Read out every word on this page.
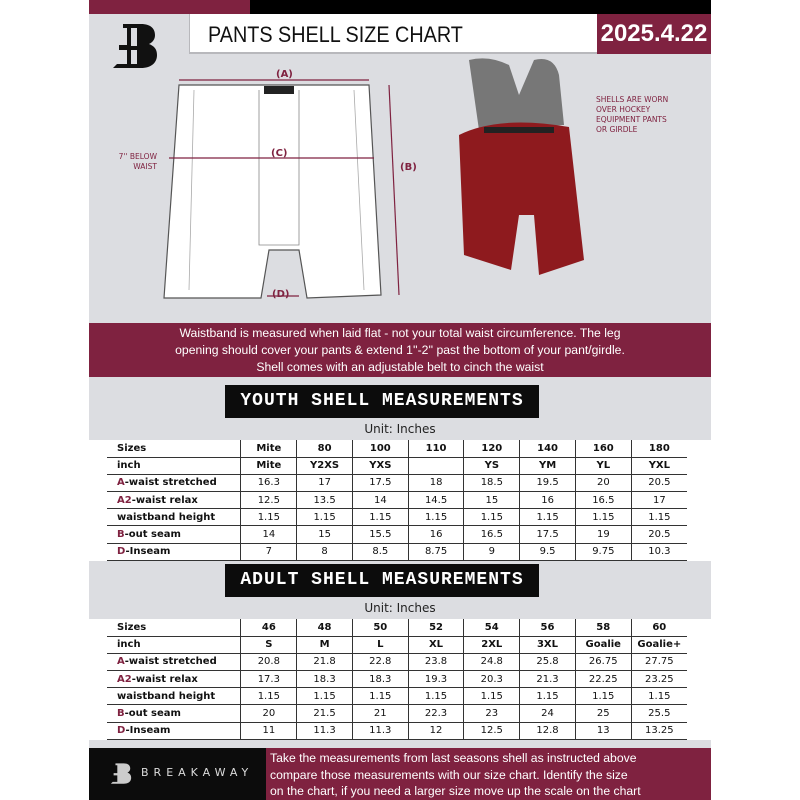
PANTS SHELL SIZE CHART	2025.4.22
(A)
(C)
(B)
(D)
7'' BELOW WAIST
SHELLS ARE WORN OVER HOCKEY EQUIPMENT PANTS OR GIRDLE
Waistband is measured when laid flat - not your total waist circumference. The leg
opening should cover your pants & extend 1''-2'' past the bottom of your pant/girdle.
Shell comes with an adjustable belt to cinch the waist
YOUTH SHELL MEASUREMENTS
Unit: Inches
Sizes	Mite	80	100	110	120	140	160	180
inch	Mite	Y2XS	YXS		YS	YM	YL	YXL
A-waist stretched	16.3	17	17.5	18	18.5	19.5	20	20.5
A2-waist relax	12.5	13.5	14	14.5	15	16	16.5	17
waistband height	1.15	1.15	1.15	1.15	1.15	1.15	1.15	1.15
B-out seam	14	15	15.5	16	16.5	17.5	19	20.5
D-Inseam	7	8	8.5	8.75	9	9.5	9.75	10.3
ADULT SHELL MEASUREMENTS
Unit: Inches
Sizes	46	48	50	52	54	56	58	60
inch	S	M	L	XL	2XL	3XL	Goalie	Goalie+
A-waist stretched	20.8	21.8	22.8	23.8	24.8	25.8	26.75	27.75
A2-waist relax	17.3	18.3	18.3	19.3	20.3	21.3	22.25	23.25
waistband height	1.15	1.15	1.15	1.15	1.15	1.15	1.15	1.15
B-out seam	20	21.5	21	22.3	23	24	25	25.5
D-Inseam	11	11.3	11.3	12	12.5	12.8	13	13.25
BREAKAWAY
Take the measurements from last seasons shell as instructed above
compare those measurements with our size chart. Identify the size
on the chart, if you need a larger size move up the scale on the chart
